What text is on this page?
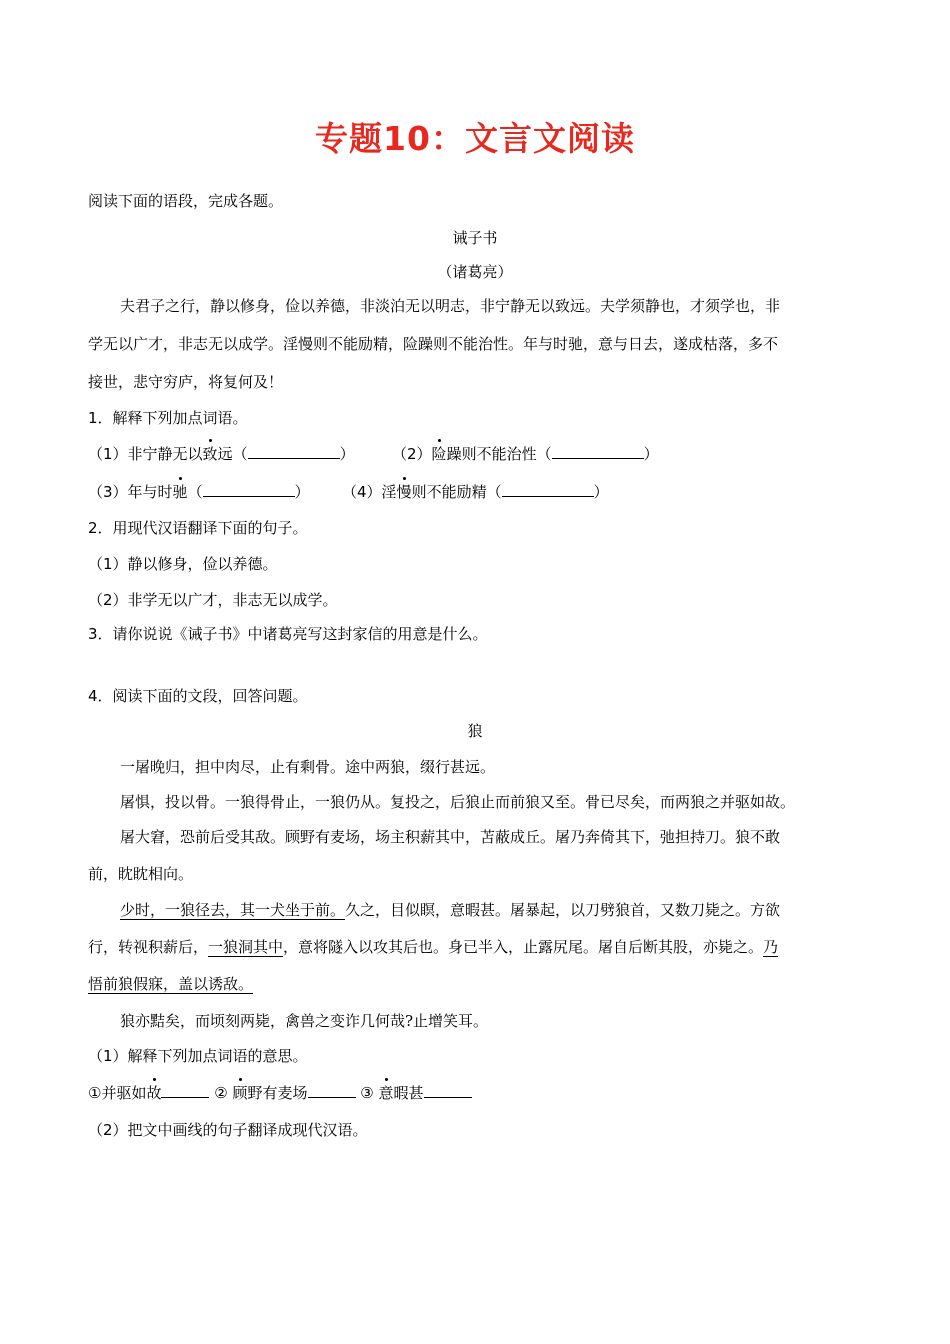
专题10：文言文阅读
阅读下面的语段，完成各题。
诫子书
（诸葛亮）
夫君子之行，静以修身，俭以养德，非淡泊无以明志，非宁静无以致远。夫学须静也，才须学也，非
学无以广才，非志无以成学。淫慢则不能励精，险躁则不能治性。年与时驰，意与日去，遂成枯落，多不
接世，悲守穷庐，将复何及！
1．解释下列加点词语。
（1）非宁静无以致远（	） （2）险躁则不能治性（	）
（3）年与时驰（	） （4）淫慢则不能励精（	）
2．用现代汉语翻译下面的句子。
（1）静以修身，俭以养德。
（2）非学无以广才，非志无以成学。
3．请你说说《诫子书》中诸葛亮写这封家信的用意是什么。
4．阅读下面的文段，回答问题。
狼
一屠晚归，担中肉尽，止有剩骨。途中两狼，缀行甚远。
屠惧，投以骨。一狼得骨止，一狼仍从。复投之，后狼止而前狼又至。骨已尽矣，而两狼之并驱如故。
屠大窘，恐前后受其敌。顾野有麦场，场主积薪其中，苫蔽成丘。屠乃奔倚其下，弛担持刀。狼不敢
前，眈眈相向。
少时，一狼径去，其一犬坐于前。久之，目似瞑，意暇甚。屠暴起，以刀劈狼首，又数刀毙之。方欲
行，转视积薪后，一狼洞其中，意将隧入以攻其后也。身已半入，止露尻尾。屠自后断其股，亦毙之。乃
悟前狼假寐，盖以诱敌。
狼亦黠矣，而顷刻两毙，禽兽之变诈几何哉?止增笑耳。
（1）解释下列加点词语的意思。
①并驱如故	② 顾野有麦场	③ 意暇甚
（2）把文中画线的句子翻译成现代汉语。
